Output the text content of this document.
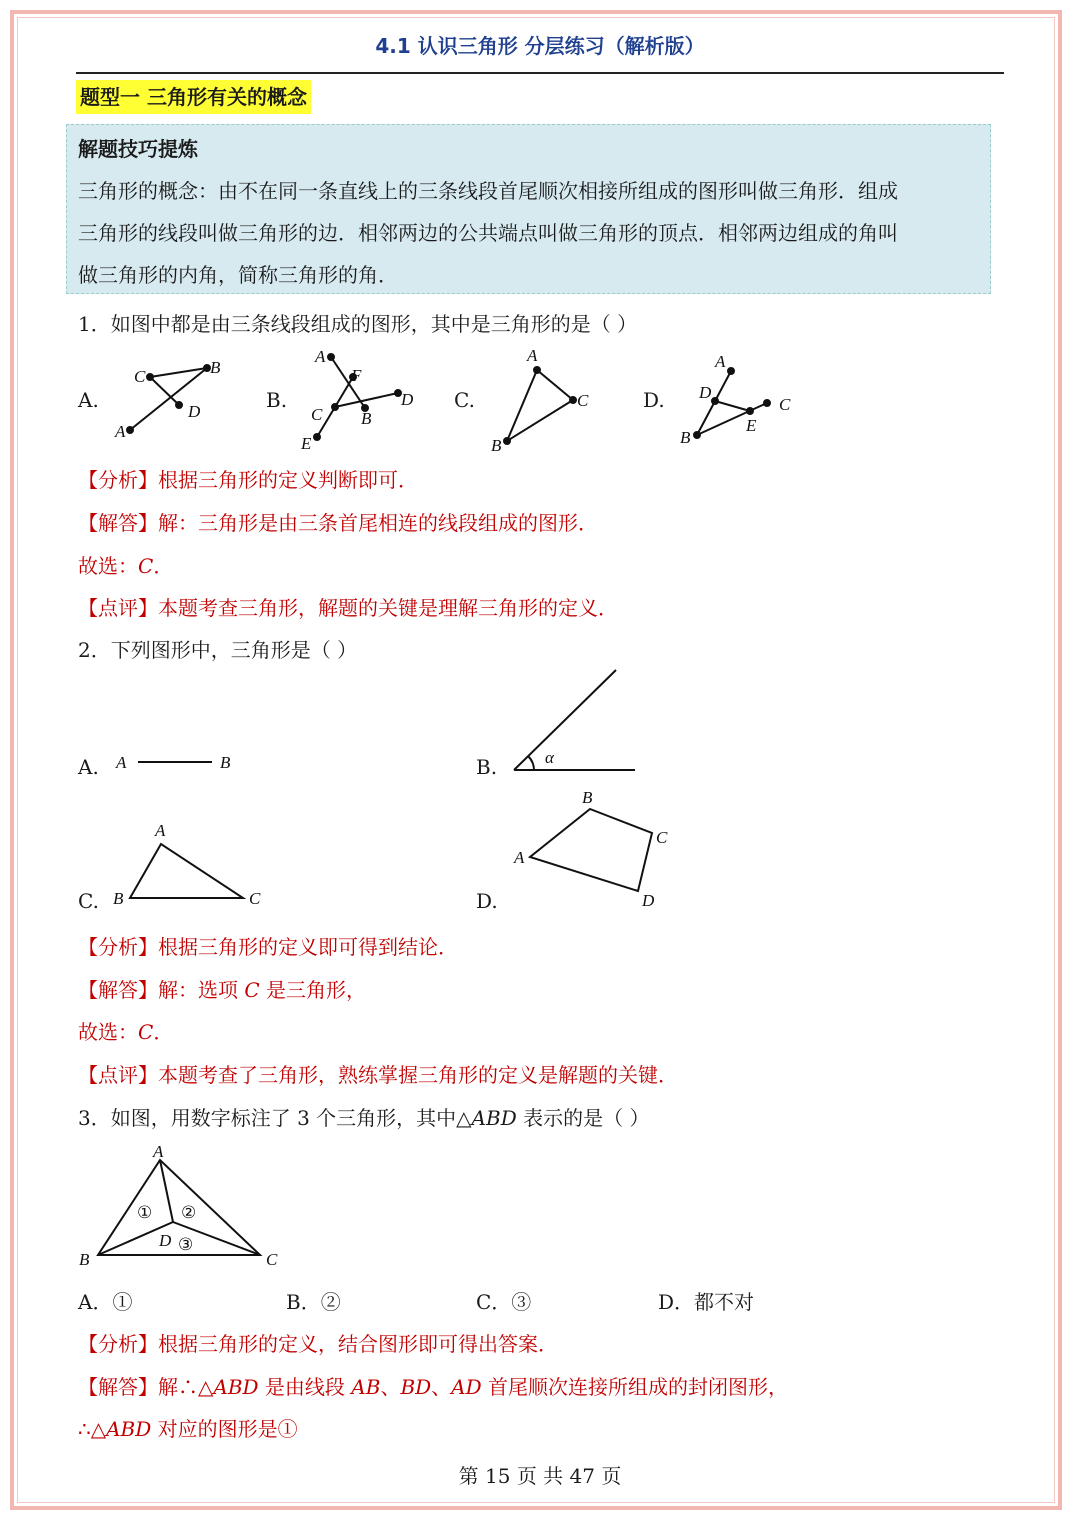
4.1 认识三角形 分层练习（解析版）
题型一 三角形有关的概念
解题技巧提炼
三角形的概念：由不在同一条直线上的三条线段首尾顺次相接所组成的图形叫做三角形．组成
三角形的线段叫做三角形的边．相邻两边的公共端点叫做三角形的顶点．相邻两边组成的角叫
做三角形的内角，简称三角形的角．
1．如图中都是由三条线段组成的图形，其中是三角形的是（ ）
A.	B.	C.	D.
C	B
D
A
A
F
D
C B
E
A
C
B
A
D
C
E
B
【分析】根据三角形的定义判断即可．
【解答】解：三角形是由三条首尾相连的线段组成的图形．
故选：C．
【点评】本题考查三角形，解题的关键是理解三角形的定义．
2．下列图形中，三角形是（ ）
A.	B.
C.	D.
A	B	α
A
B	C
B
C
A
D
【分析】根据三角形的定义即可得到结论．
【解答】解：选项 C 是三角形，
故选：C．
【点评】本题考查了三角形，熟练掌握三角形的定义是解题的关键．
3．如图，用数字标注了 3 个三角形，其中△ABD 表示的是（ ）
A
B	C
D
① ②
③
A．①	B．②	C．③	D．都不对
【分析】根据三角形的定义，结合图形即可得出答案．
【解答】解∴△ABD 是由线段 AB、BD、AD 首尾顺次连接所组成的封闭图形，
∴△ABD 对应的图形是①
第 15 页 共 47 页
